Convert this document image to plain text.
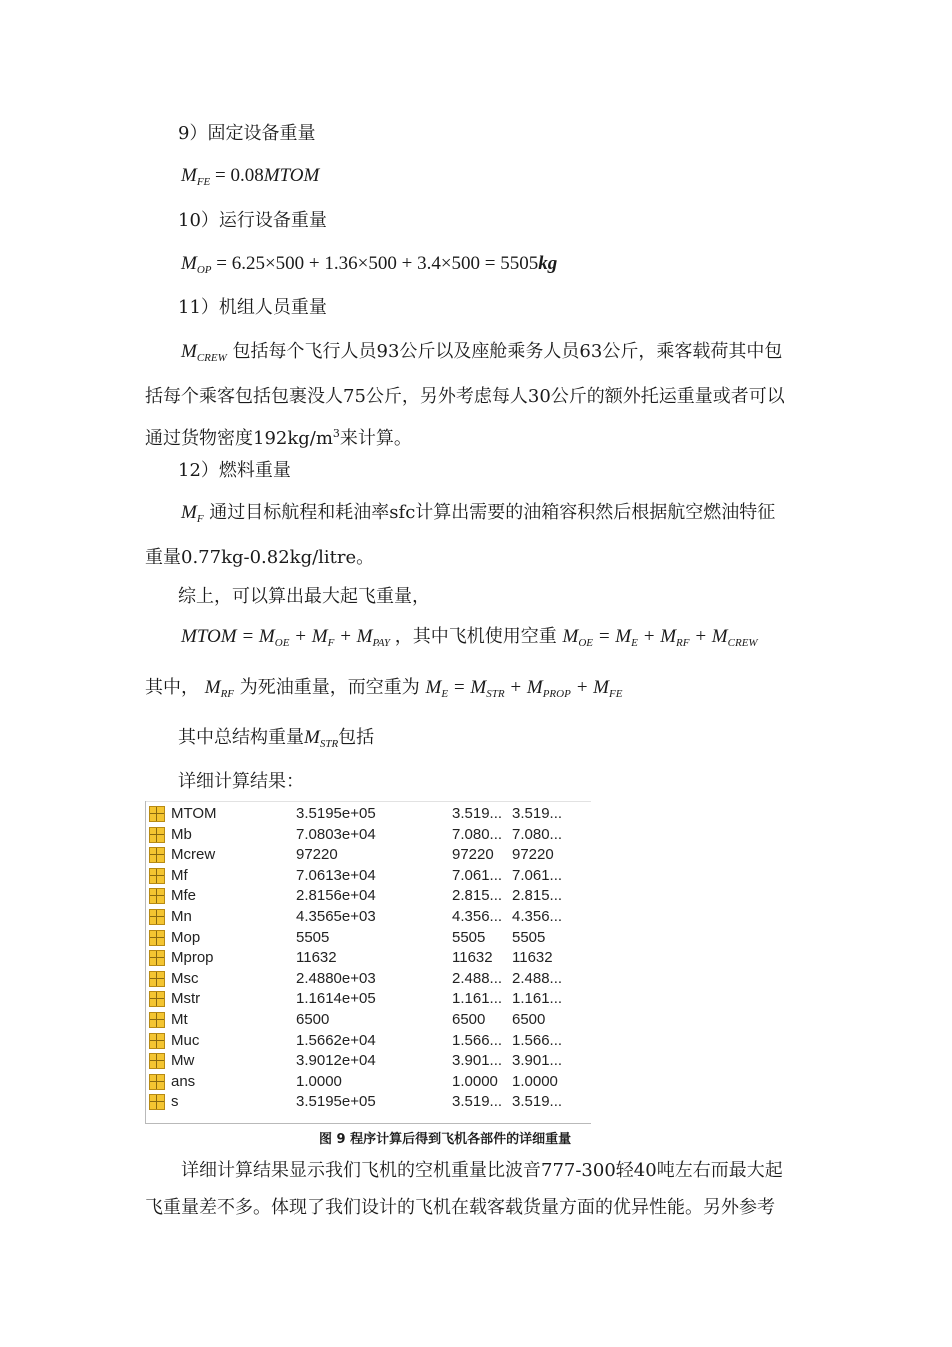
9）固定设备重量
$M_{FE}$ = 0.08MTOM
10）运行设备重量
$M_{OP} = 6.25\times 500 + 1.36\times 500 + 3.4\times 500 = 5505kg$
11）机组人员重量
$M_{CREW}$ 包括每个飞行人员93公斤以及座舱乘务人员63公斤，乘客载荷其中包
括每个乘客包括包裹没人75公斤，另外考虑每人30公斤的额外托运重量或者可以
通过货物密度$192kg/m^3$来计算。
12）燃料重量
$M_F$ 通过目标航程和耗油率sfc计算出需要的油箱容积然后根据航空燃油特征
重量0.77kg-0.82kg/litre。
综上，可以算出最大起飞重量，
MTOM = $M_{OE} + M_F + M_{PAY}$ ，其中飞机使用空重 $M_{OE} = M_E + M_{RF} + M_{CREW}$
其中， $M_{RF}$ 为死油重量，而空重为 $M_E = M_{STR} + M_{PROP} + M_{FE}$
其中总结构重量$M_{STR}$包括
详细计算结果：
MTOM	3.5195e+05	3.519... 3.519...
Mb	7.0803e+04	7.080... 7.080...
Mcrew	97220	97220 97220
Mf	7.0613e+04	7.061... 7.061...
Mfe	2.8156e+04	2.815... 2.815...
Mn	4.3565e+03	4.356... 4.356...
Mop	5505	5505 5505
Mprop	11632	11632 11632
Msc	2.4880e+03	2.488... 2.488...
Mstr	1.1614e+05	1.161... 1.161...
Mt	6500	6500 6500
Muc	1.5662e+04	1.566... 1.566...
Mw	3.9012e+04	3.901... 3.901...
ans	1.0000	1.0000 1.0000
s	3.5195e+05	3.519... 3.519...
图 9 程序计算后得到飞机各部件的详细重量
详细计算结果显示我们飞机的空机重量比波音777-300轻40吨左右而最大起
飞重量差不多。体现了我们设计的飞机在载客载货量方面的优异性能。另外参考
